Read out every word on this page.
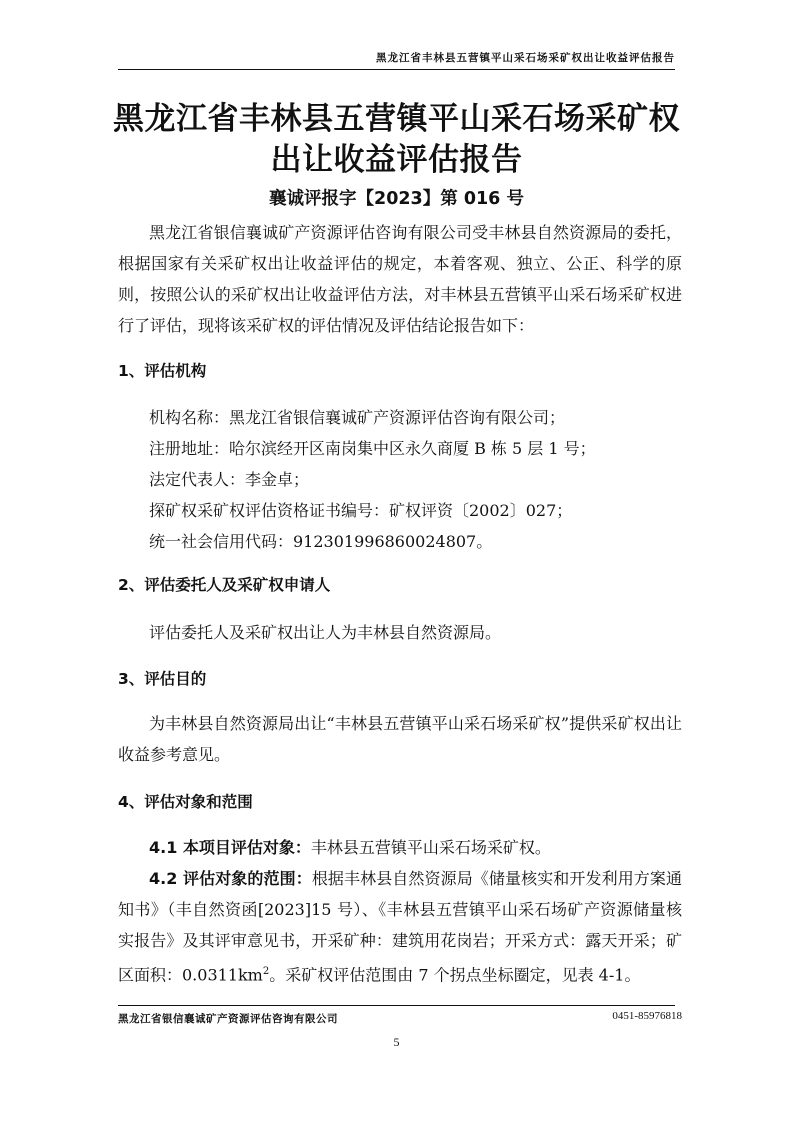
黑龙江省丰林县五营镇平山采石场采矿权出让收益评估报告
黑龙江省丰林县五营镇平山采石场采矿权
出让收益评估报告
襄诚评报字【2023】第 016 号

黑龙江省银信襄诚矿产资源评估咨询有限公司受丰林县自然资源局的委托，根据国家有关采矿权出让收益评估的规定，本着客观、独立、公正、科学的原则，按照公认的采矿权出让收益评估方法，对丰林县五营镇平山采石场采矿权进行了评估，现将该采矿权的评估情况及评估结论报告如下：

1、评估机构

机构名称：黑龙江省银信襄诚矿产资源评估咨询有限公司；

注册地址：哈尔滨经开区南岗集中区永久商厦 B 栋 5 层 1 号；

法定代表人：李金卓；

探矿权采矿权评估资格证书编号：矿权评资〔2002〕027；

统一社会信用代码：912301996860024807。

2、评估委托人及采矿权申请人

评估委托人及采矿权出让人为丰林县自然资源局。

3、评估目的

为丰林县自然资源局出让“丰林县五营镇平山采石场采矿权”提供采矿权出让收益参考意见。

4、评估对象和范围

4.1 本项目评估对象：丰林县五营镇平山采石场采矿权。

4.2 评估对象的范围：根据丰林县自然资源局《储量核实和开发利用方案通知书》（丰自然资函[2023]15 号）、《丰林县五营镇平山采石场矿产资源储量核实报告》及其评审意见书，开采矿种：建筑用花岗岩；开采方式：露天开采；矿区面积：$0.0311km^2$。采矿权评估范围由 7 个拐点坐标圈定，见表 4-1。

黑龙江省银信襄诚矿产资源评估咨询有限公司	0451-85976818
5
